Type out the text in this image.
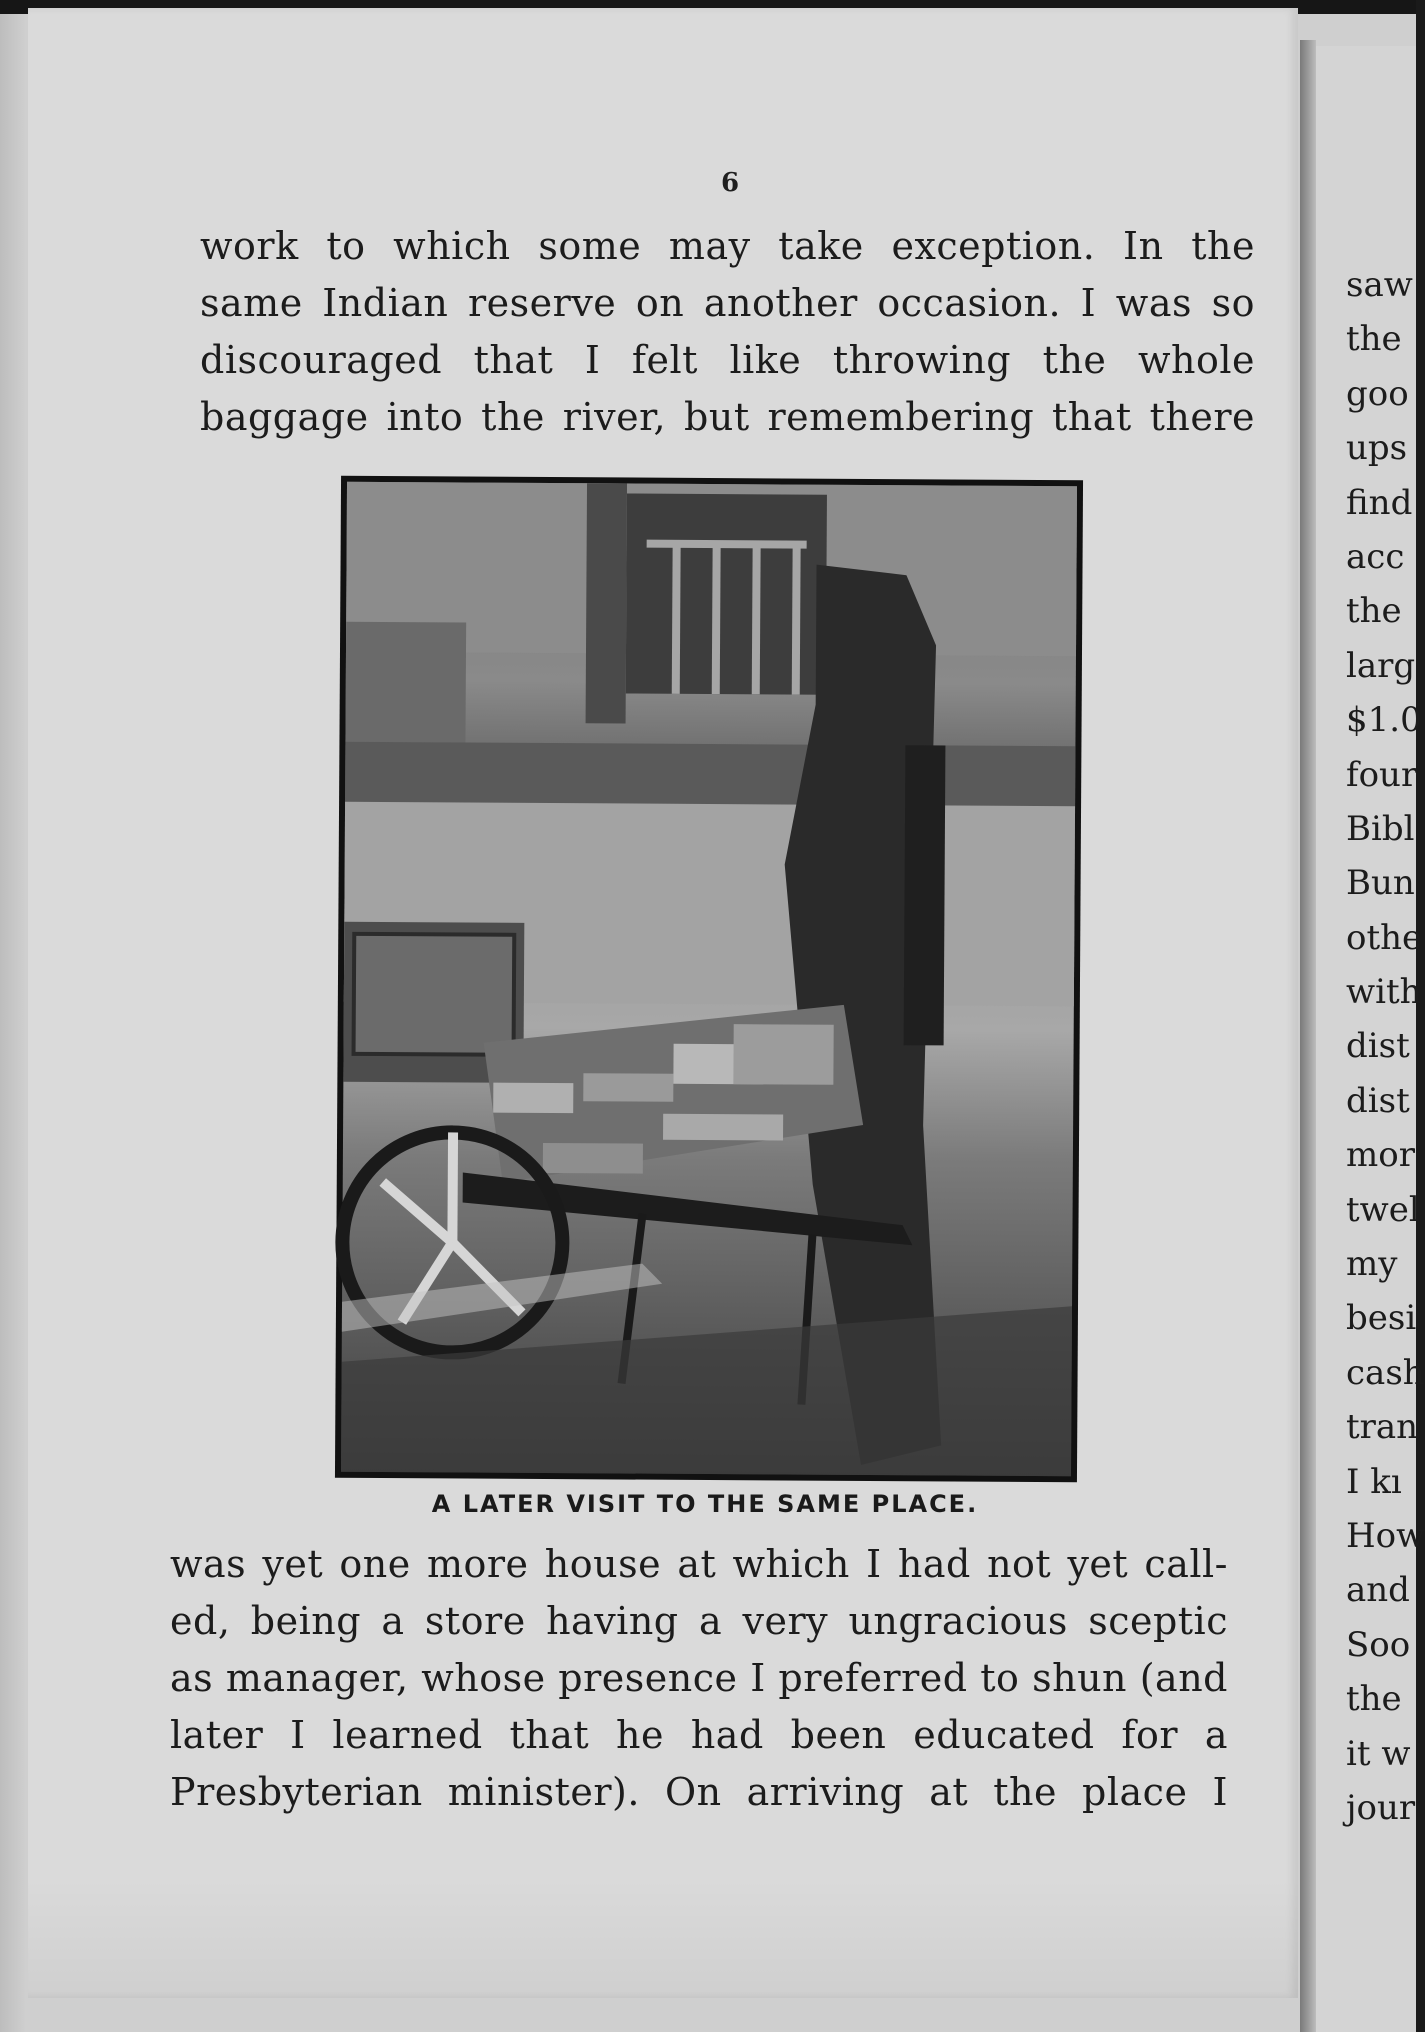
6

work to which some may take exception. In the
same Indian reserve on another occasion. I was so
discouraged that I felt like throwing the whole
baggage into the river, but remembering that there

A LATER VISIT TO THE SAME PLACE.

was yet one more house at which I had not yet call-
ed, being a store having a very ungracious sceptic
as manager, whose presence I preferred to shun (and
later I learned that he had been educated for a
Presbyterian minister). On arriving at the place I

saw
the
goo
ups
find
acc
the
larg
$1.0
four
Bibl
Bun
othe
with
dist
dist
mor
twel
my
besi
cash
tran
I kı
How
and
Soo
the
it w
jour
